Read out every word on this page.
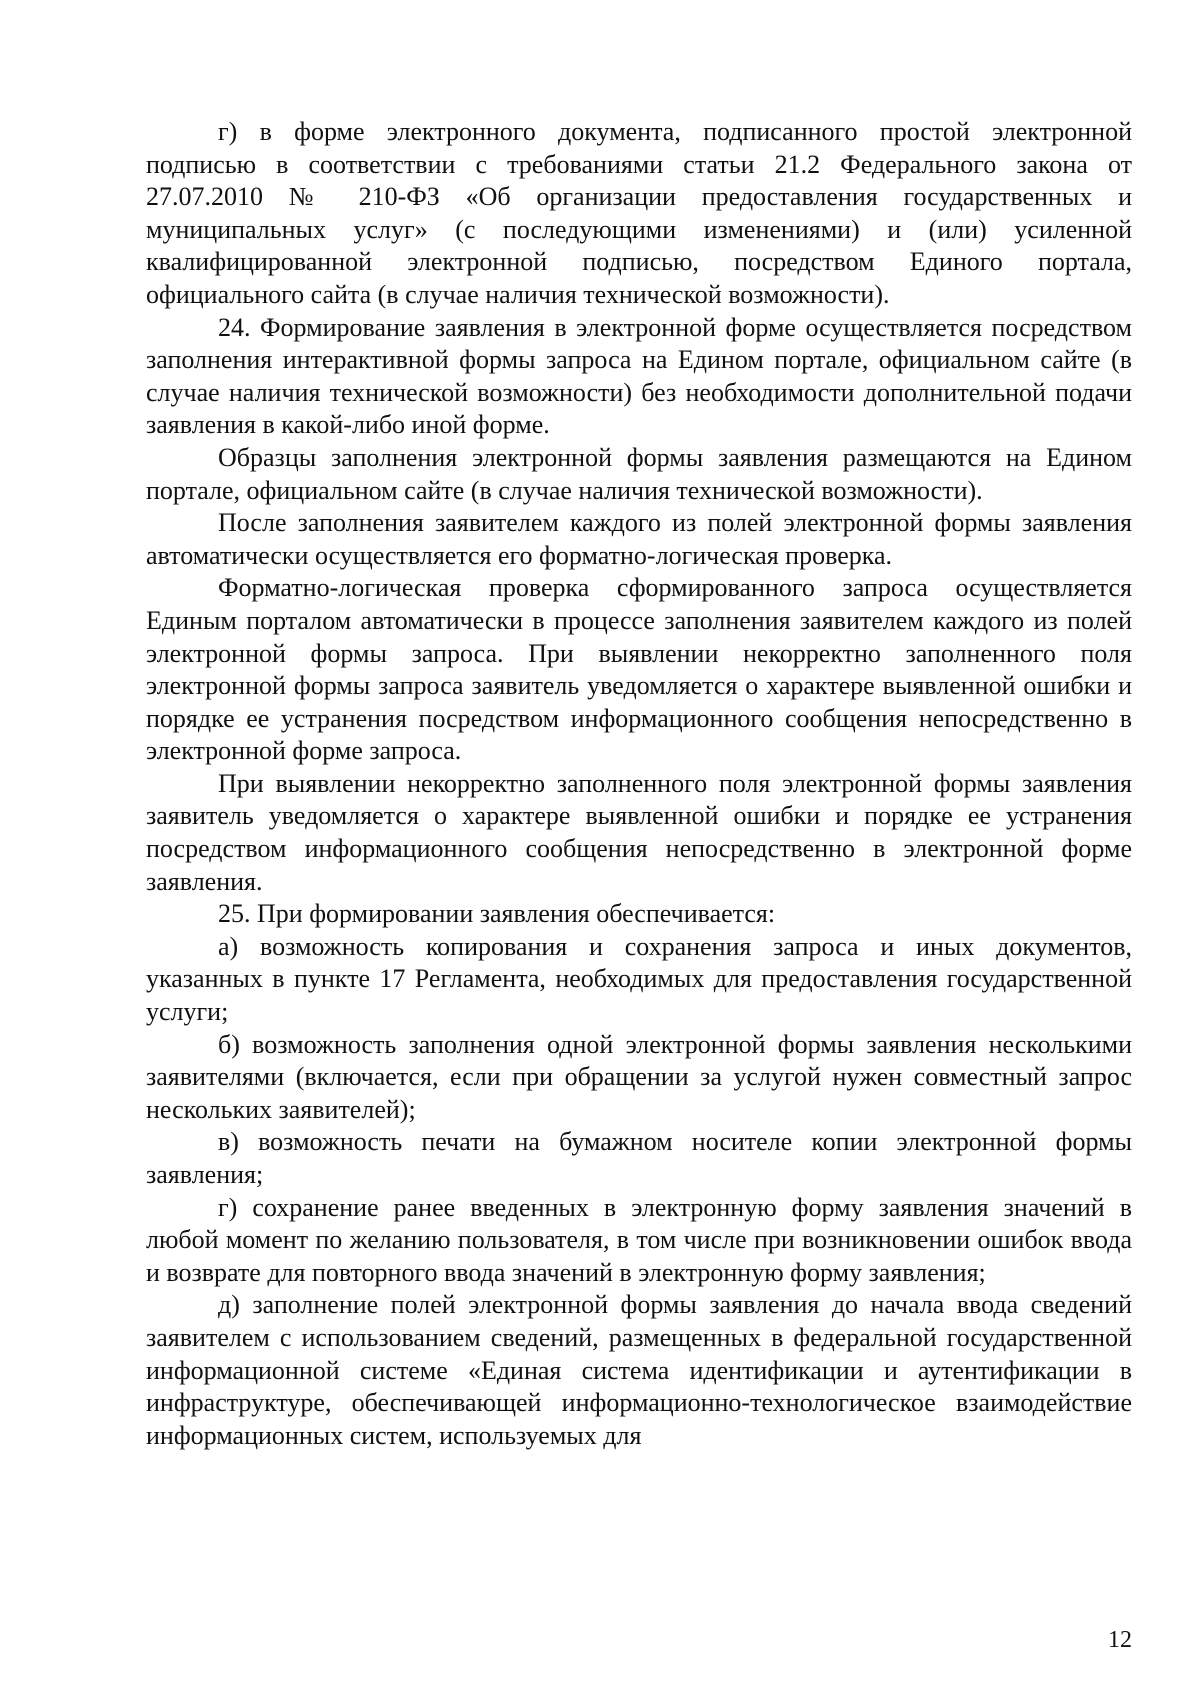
г) в форме электронного документа, подписанного простой электронной подписью в соответствии с требованиями статьи 21.2 Федерального закона от 27.07.2010 № 210-ФЗ «Об организации предоставления государственных и муниципальных услуг» (с последующими изменениями) и (или) усиленной квалифицированной электронной подписью, посредством Единого портала, официального сайта (в случае наличия технической возможности).

24. Формирование заявления в электронной форме осуществляется посредством заполнения интерактивной формы запроса на Едином портале, официальном сайте (в случае наличия технической возможности) без необходимости дополнительной подачи заявления в какой-либо иной форме.

Образцы заполнения электронной формы заявления размещаются на Едином портале, официальном сайте (в случае наличия технической возможности).

После заполнения заявителем каждого из полей электронной формы заявления автоматически осуществляется его форматно-логическая проверка.

Форматно-логическая проверка сформированного запроса осуществляется Единым порталом автоматически в процессе заполнения заявителем каждого из полей электронной формы запроса. При выявлении некорректно заполненного поля электронной формы запроса заявитель уведомляется о характере выявленной ошибки и порядке ее устранения посредством информационного сообщения непосредственно в электронной форме запроса.

При выявлении некорректно заполненного поля электронной формы заявления заявитель уведомляется о характере выявленной ошибки и порядке ее устранения посредством информационного сообщения непосредственно в электронной форме заявления.

25. При формировании заявления обеспечивается:

а) возможность копирования и сохранения запроса и иных документов, указанных в пункте 17 Регламента, необходимых для предоставления государственной услуги;

б) возможность заполнения одной электронной формы заявления несколькими заявителями (включается, если при обращении за услугой нужен совместный запрос нескольких заявителей);

в) возможность печати на бумажном носителе копии электронной формы заявления;

г) сохранение ранее введенных в электронную форму заявления значений в любой момент по желанию пользователя, в том числе при возникновении ошибок ввода и возврате для повторного ввода значений в электронную форму заявления;

д) заполнение полей электронной формы заявления до начала ввода сведений заявителем с использованием сведений, размещенных в федеральной государственной информационной системе «Единая система идентификации и аутентификации в инфраструктуре, обеспечивающей информационно-технологическое взаимодействие информационных систем, используемых для

12
